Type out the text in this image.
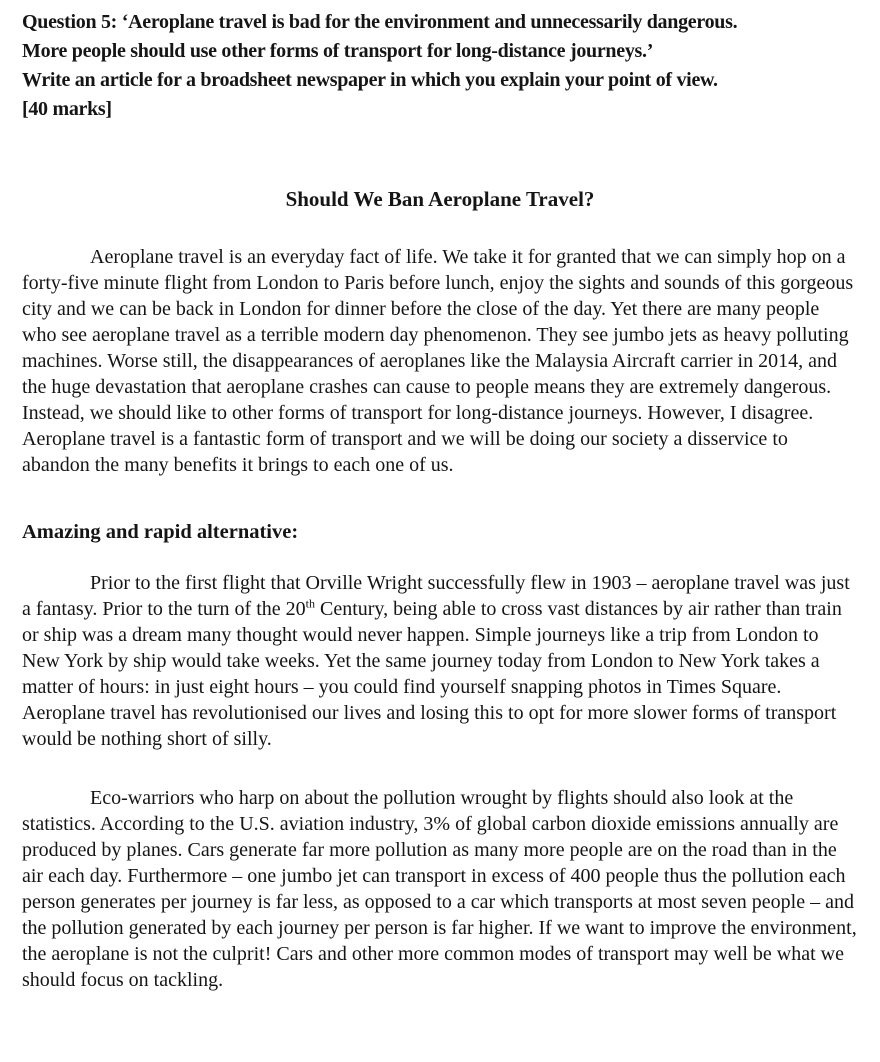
Question 5: ‘Aeroplane travel is bad for the environment and unnecessarily dangerous.
More people should use other forms of transport for long-distance journeys.’
Write an article for a broadsheet newspaper in which you explain your point of view.
[40 marks]
Should We Ban Aeroplane Travel?

Aeroplane travel is an everyday fact of life. We take it for granted that we can simply hop on a forty-five minute flight from London to Paris before lunch, enjoy the sights and sounds of this gorgeous city and we can be back in London for dinner before the close of the day. Yet there are many people who see aeroplane travel as a terrible modern day phenomenon. They see jumbo jets as heavy polluting machines. Worse still, the disappearances of aeroplanes like the Malaysia Aircraft carrier in 2014, and the huge devastation that aeroplane crashes can cause to people means they are extremely dangerous. Instead, we should like to other forms of transport for long-distance journeys. However, I disagree. Aeroplane travel is a fantastic form of transport and we will be doing our society a disservice to abandon the many benefits it brings to each one of us.

Amazing and rapid alternative:

Prior to the first flight that Orville Wright successfully flew in 1903 – aeroplane travel was just a fantasy. Prior to the turn of the 20th Century, being able to cross vast distances by air rather than train or ship was a dream many thought would never happen. Simple journeys like a trip from London to New York by ship would take weeks. Yet the same journey today from London to New York takes a matter of hours: in just eight hours – you could find yourself snapping photos in Times Square. Aeroplane travel has revolutionised our lives and losing this to opt for more slower forms of transport would be nothing short of silly.

Eco-warriors who harp on about the pollution wrought by flights should also look at the statistics. According to the U.S. aviation industry, 3% of global carbon dioxide emissions annually are produced by planes. Cars generate far more pollution as many more people are on the road than in the air each day. Furthermore – one jumbo jet can transport in excess of 400 people thus the pollution each person generates per journey is far less, as opposed to a car which transports at most seven people – and the pollution generated by each journey per person is far higher. If we want to improve the environment, the aeroplane is not the culprit! Cars and other more common modes of transport may well be what we should focus on tackling.
